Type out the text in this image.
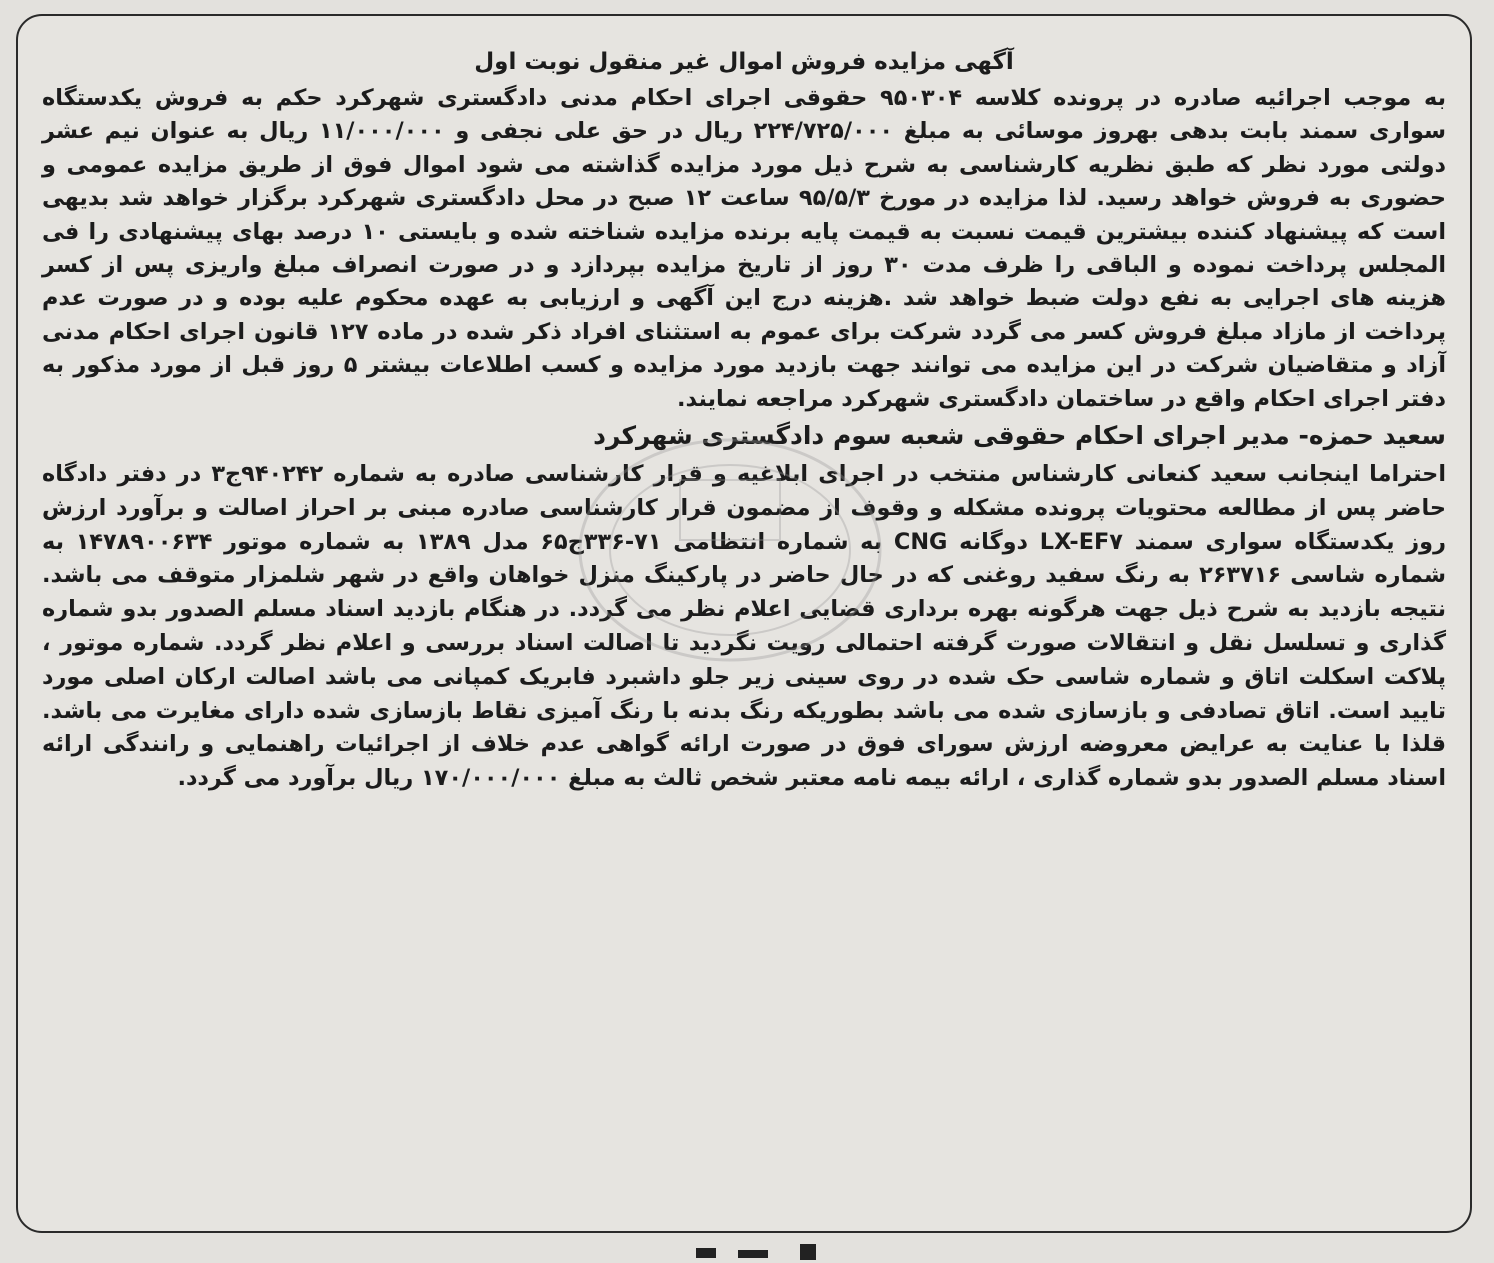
آگهی مزایده فروش اموال غیر منقول نوبت اول

به موجب اجرائیه صادره در پرونده کلاسه ۹۵۰۳۰۴ حقوقی اجرای احکام مدنی دادگستری شهرکرد حکم به فروش یکدستگاه سواری سمند بابت بدهی بهروز موسائی به مبلغ ۲۲۴/۷۲۵/۰۰۰ ریال در حق علی نجفی و ۱۱/۰۰۰/۰۰۰ ریال به عنوان نیم عشر دولتی مورد نظر که طبق نظریه کارشناسی به شرح ذیل مورد مزایده گذاشته می شود اموال فوق از طریق مزایده عمومی و حضوری به فروش خواهد رسید. لذا مزایده در مورخ ۹۵/۵/۳ ساعت ۱۲ صبح در محل دادگستری شهرکرد برگزار خواهد شد بدیهی است که پیشنهاد کننده بیشترین قیمت نسبت به قیمت پایه برنده مزایده شناخته شده و بایستی ۱۰ درصد بهای پیشنهادی را فی المجلس پرداخت نموده و الباقی را ظرف مدت ۳۰ روز از تاریخ مزایده بپردازد و در صورت انصراف مبلغ واریزی پس از کسر هزینه های اجرایی به نفع دولت ضبط خواهد شد .هزینه درج این آگهی و ارزیابی به عهده محکوم علیه بوده و در صورت عدم پرداخت از مازاد مبلغ فروش کسر می گردد شرکت برای عموم به استثنای افراد ذکر شده در ماده ۱۲۷ قانون اجرای احکام مدنی آزاد و متقاضیان شرکت در این مزایده می توانند جهت بازدید مورد مزایده و کسب اطلاعات بیشتر ۵ روز قبل از مورد مذکور به دفتر اجرای احکام واقع در ساختمان دادگستری شهرکرد مراجعه نمایند.

سعید حمزه- مدیر اجرای احکام حقوقی شعبه سوم دادگستری شهرکرد

احتراما اینجانب سعید کنعانی کارشناس منتخب در اجرای ابلاغیه و قرار کارشناسی صادره به شماره ۹۴۰۲۴۲ج۳ در دفتر دادگاه حاضر پس از مطالعه محتویات پرونده مشکله و وقوف از مضمون قرار کارشناسی صادره مبنی بر احراز اصالت و برآورد ارزش روز یکدستگاه سواری سمند LX-EF۷ دوگانه CNG به شماره انتظامی ۷۱-۳۳۶ج۶۵ مدل ۱۳۸۹ به شماره موتور ۱۴۷۸۹۰۰۶۳۴ به شماره شاسی ۲۶۳۷۱۶ به رنگ سفید روغنی که در حال حاضر در پارکینگ منزل خواهان واقع در شهر شلمزار متوقف می باشد. نتیجه بازدید به شرح ذیل جهت هرگونه بهره برداری قضایی اعلام نظر می گردد. در هنگام بازدید اسناد مسلم الصدور بدو شماره گذاری و تسلسل نقل و انتقالات صورت گرفته احتمالی رویت نگردید تا اصالت اسناد بررسی و اعلام نظر گردد. شماره موتور ، پلاکت اسکلت اتاق و شماره شاسی حک شده در روی سینی زیر جلو داشبرد فابریک کمپانی می باشد اصالت ارکان اصلی مورد تایید است. اتاق تصادفی و بازسازی شده می باشد بطوریکه رنگ بدنه با رنگ آمیزی نقاط بازسازی شده دارای مغایرت می باشد. قلذا با عنایت به عرایض معروضه ارزش سورای فوق در صورت ارائه گواهی عدم خلاف از اجرائیات راهنمایی و رانندگی ارائه اسناد مسلم الصدور بدو شماره گذاری ، ارائه بیمه نامه معتبر شخص ثالث به مبلغ ۱۷۰/۰۰۰/۰۰۰ ریال برآورد می گردد.
